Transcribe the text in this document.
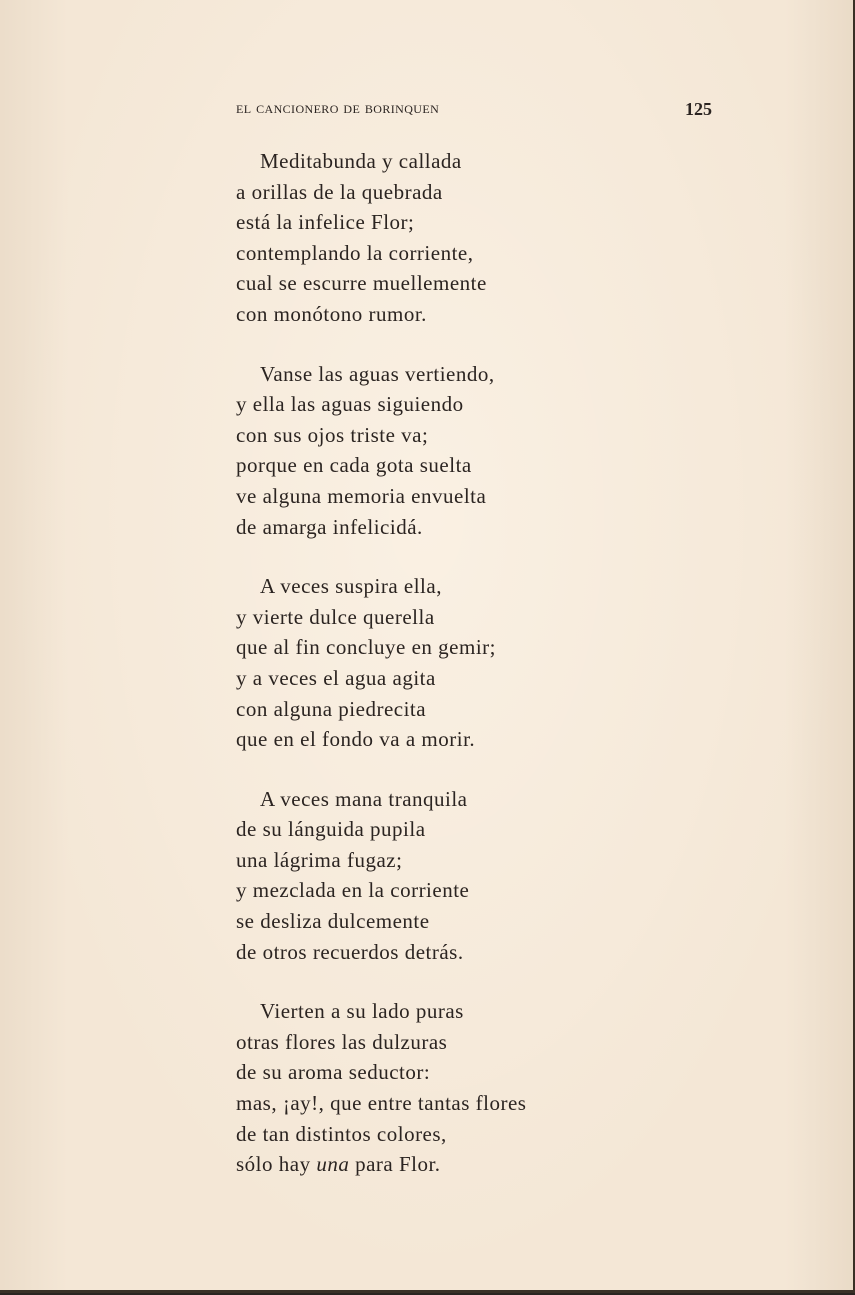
el cancionero de borinquen	125
Meditabunda y callada
a orillas de la quebrada
está la infelice Flor;
contemplando la corriente,
cual se escurre muellemente
con monótono rumor.
Vanse las aguas vertiendo,
y ella las aguas siguiendo
con sus ojos triste va;
porque en cada gota suelta
ve alguna memoria envuelta
de amarga infelicidá.
A veces suspira ella,
y vierte dulce querella
que al fin concluye en gemir;
y a veces el agua agita
con alguna piedrecita
que en el fondo va a morir.
A veces mana tranquila
de su lánguida pupila
una lágrima fugaz;
y mezclada en la corriente
se desliza dulcemente
de otros recuerdos detrás.
Vierten a su lado puras
otras flores las dulzuras
de su aroma seductor:
mas, ¡ay!, que entre tantas flores
de tan distintos colores,
sólo hay una para Flor.
